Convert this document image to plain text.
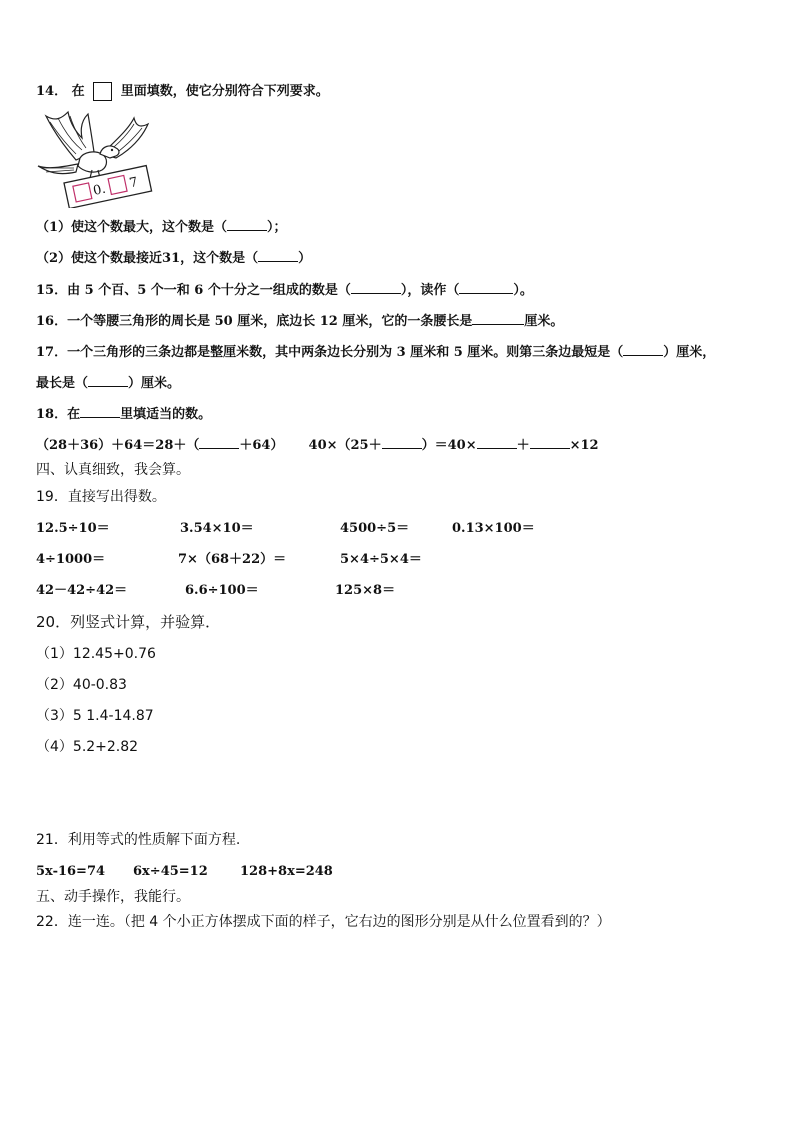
14． 在	里面填数，使它分别符合下列要求。
0. 7
（1）使这个数最大，这个数是（	）；
（2）使这个数最接近31，这个数是（	）
15．由 5 个百、5 个一和 6 个十分之一组成的数是（	），读作（	）。
16．一个等腰三角形的周长是 50 厘米，底边长 12 厘米，它的一条腰长是	厘米。
17．一个三角形的三条边都是整厘米数，其中两条边长分别为 3 厘米和 5 厘米。则第三条边最短是（	）厘米，
最长是（	）厘米。
18．在	里填适当的数。
（28＋36）＋64＝28＋（	＋64） 40×（25＋	）＝40×	＋	×12
四、认真细致，我会算。
19．直接写出得数。
12.5÷10＝	3.54×10＝	4500÷5＝	0.13×100＝
4÷1000＝	7×（68＋22）＝	5×4÷5×4＝
42－42÷42＝	6.6÷100＝	125×8＝
20．列竖式计算，并验算．
（1）12.45+0.76
（2）40-0.83
（3）5 1.4-14.87
（4）5.2+2.82
21．利用等式的性质解下面方程.
5x-16=74 6x÷45=12 128+8x=248
五、动手操作，我能行。
22．连一连。（把 4 个小正方体摆成下面的样子，它右边的图形分别是从什么位置看到的？）
